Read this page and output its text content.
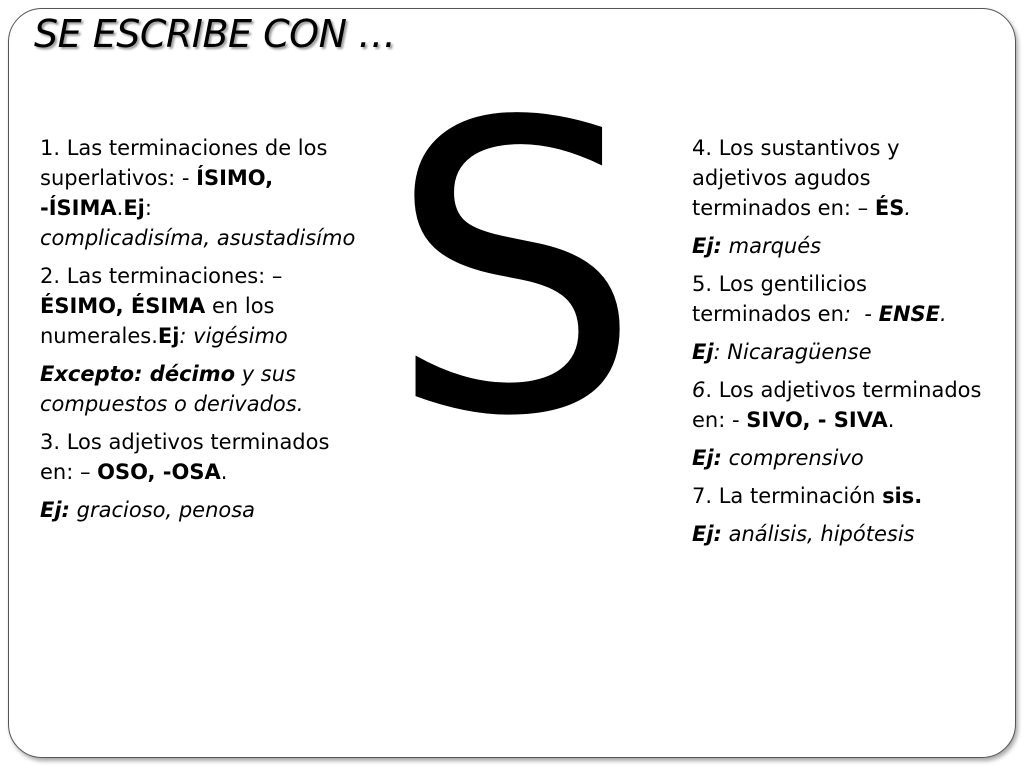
SE ESCRIBE CON …
S

1. Las terminaciones de los superlativos: - ÍSIMO, -ÍSIMA.Ej:
complicadisíma, asustadisímo

2. Las terminaciones: – ÉSIMO, ÉSIMA en los numerales.Ej: vigésimo

Excepto: décimo y sus compuestos o derivados.

3. Los adjetivos terminados en: – OSO, -OSA.

Ej: gracioso, penosa

4. Los sustantivos y adjetivos agudos terminados en: – ÉS.

Ej: marqués

5. Los gentilicios terminados en:  - ENSE.

Ej: Nicaragüense

6. Los adjetivos terminados en: - SIVO, - SIVA.

Ej: comprensivo

7. La terminación sis.

Ej: análisis, hipótesis
